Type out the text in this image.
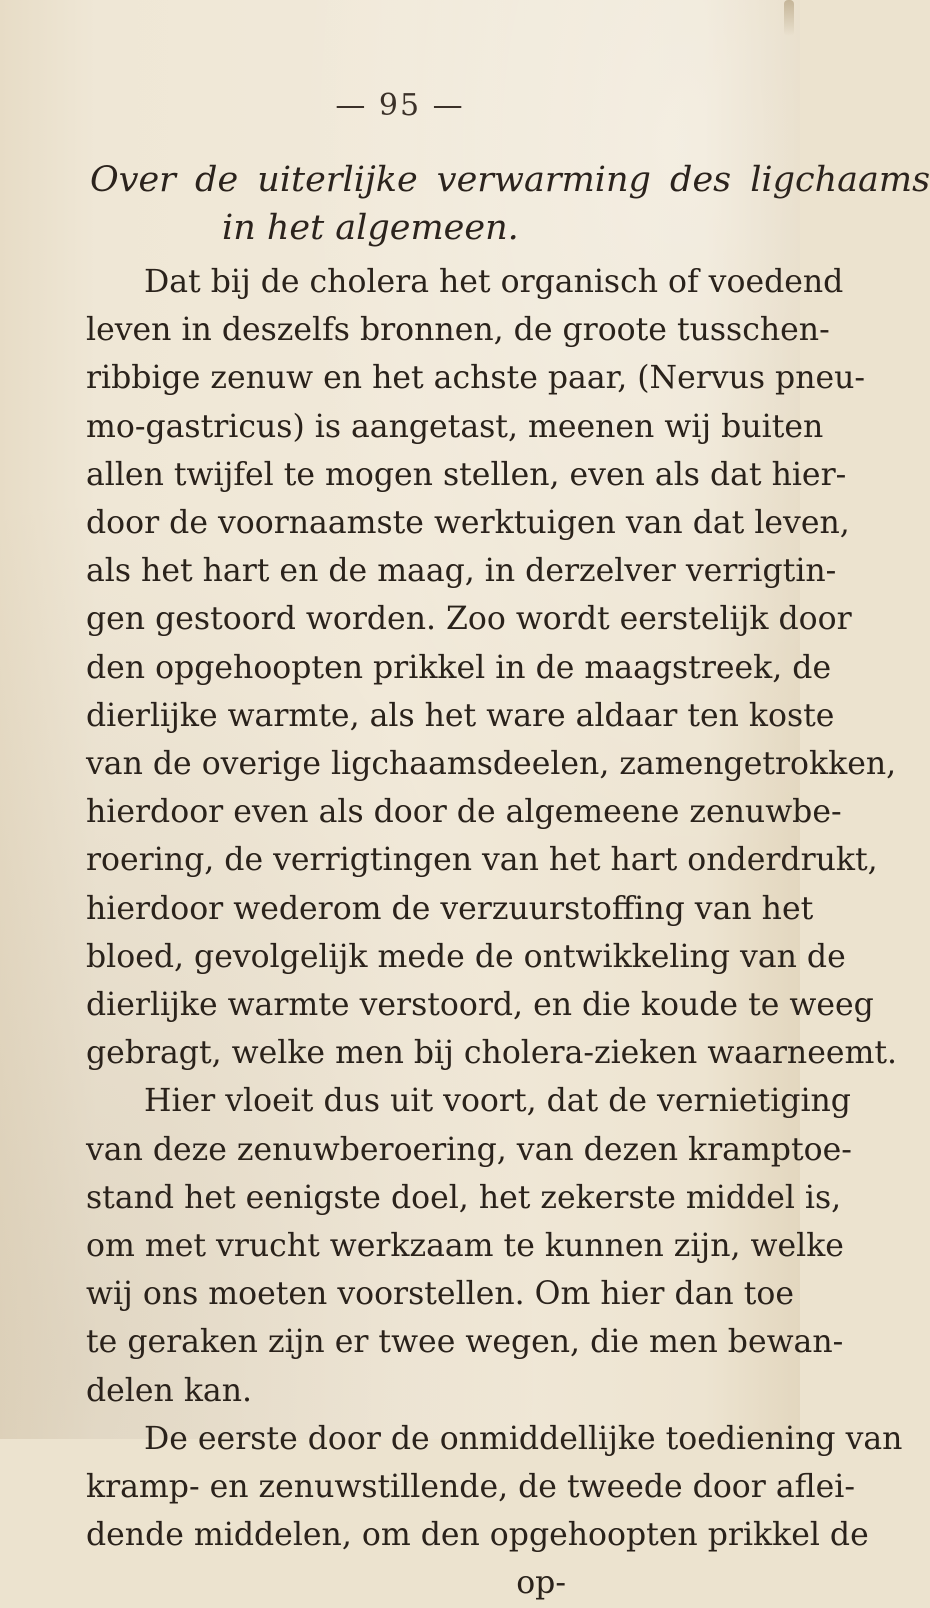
— 95 —
Over de uiterlijke verwarming des ligchaams
in het algemeen.
Dat bij de cholera het organisch of voedend
leven in deszelfs bronnen, de groote tusschen-
ribbige zenuw en het achste paar, (Nervus pneu-
mo-gastricus) is aangetast, meenen wij buiten
allen twijfel te mogen stellen, even als dat hier-
door de voornaamste werktuigen van dat leven,
als het hart en de maag, in derzelver verrigtin-
gen gestoord worden. Zoo wordt eerstelijk door
den opgehoopten prikkel in de maagstreek, de
dierlijke warmte, als het ware aldaar ten koste
van de overige ligchaamsdeelen, zamengetrokken,
hierdoor even als door de algemeene zenuwbe-
roering, de verrigtingen van het hart onderdrukt,
hierdoor wederom de verzuurstoffing van het
bloed, gevolgelijk mede de ontwikkeling van de
dierlijke warmte verstoord, en die koude te weeg
gebragt, welke men bij cholera-zieken waarneemt.
Hier vloeit dus uit voort, dat de vernietiging
van deze zenuwberoering, van dezen kramptoe-
stand het eenigste doel, het zekerste middel is,
om met vrucht werkzaam te kunnen zijn, welke
wij ons moeten voorstellen. Om hier dan toe
te geraken zijn er twee wegen, die men bewan-
delen kan.
De eerste door de onmiddellijke toediening van
kramp- en zenuwstillende, de tweede door aflei-
dende middelen, om den opgehoopten prikkel de
op-
